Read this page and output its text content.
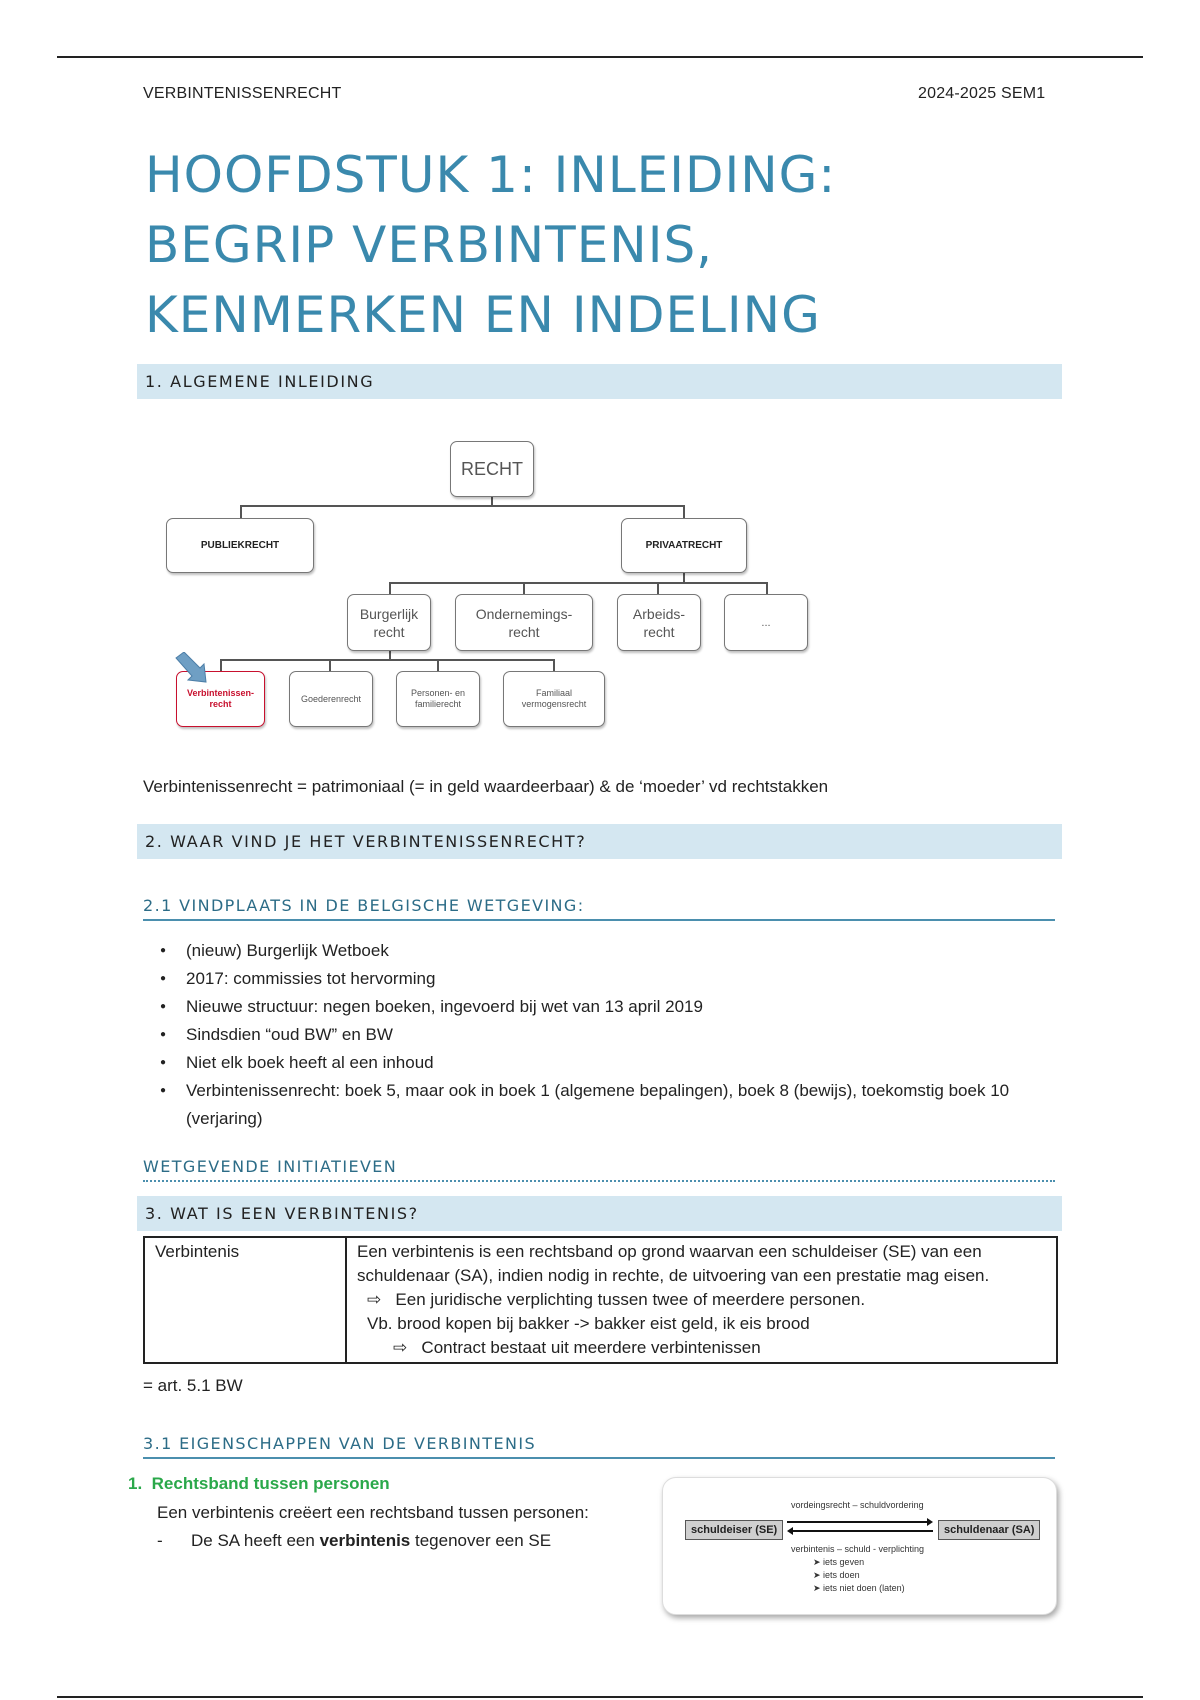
VERBINTENISSENRECHT	2024-2025 SEM1
HOOFDSTUK 1: INLEIDING:
BEGRIP VERBINTENIS,
KENMERKEN EN INDELING
1. ALGEMENE INLEIDING
RECHT
PUBLIEKRECHT	PRIVAATRECHT
Burgerlijk recht
Ondernemings-recht
Arbeids-recht
...
Verbintenissen-recht	Goederenrecht
Personen- en familierecht
Familiaal vermogensrecht
Verbintenissenrecht = patrimoniaal (= in geld waardeerbaar) & de ‘moeder’ vd rechtstakken
2. WAAR VIND JE HET VERBINTENISSENRECHT?
2.1 VINDPLAATS IN DE BELGISCHE WETGEVING:
● (nieuw) Burgerlijk Wetboek
● 2017: commissies tot hervorming
● Nieuwe structuur: negen boeken, ingevoerd bij wet van 13 april 2019
● Sindsdien “oud BW” en BW
● Niet elk boek heeft al een inhoud
● Verbintenissenrecht: boek 5, maar ook in boek 1 (algemene bepalingen), boek 8 (bewijs), toekomstig boek 10 (verjaring)
WETGEVENDE INITIATIEVEN
3. WAT IS EEN VERBINTENIS?
Verbintenis	Een verbintenis is een rechtsband op grond waarvan een schuldeiser (SE) van een schuldenaar (SA), indien nodig in rechte, de uitvoering van een prestatie mag eisen.
⇨ Een juridische verplichting tussen twee of meerdere personen.
Vb. brood kopen bij bakker -> bakker eist geld, ik eis brood
⇨ Contract bestaat uit meerdere verbintenissen
= art. 5.1 BW
3.1 EIGENSCHAPPEN VAN DE VERBINTENIS
1. Rechtsband tussen personen
Een verbintenis creëert een rechtsband tussen personen:
- De SA heeft een verbintenis tegenover een SE
schuldeiser (SE)	schuldenaar (SA)
vordeingsrecht – schuldvordering
verbintenis – schuld - verplichting
➤ iets geven
➤ iets doen
➤ iets niet doen (laten)
